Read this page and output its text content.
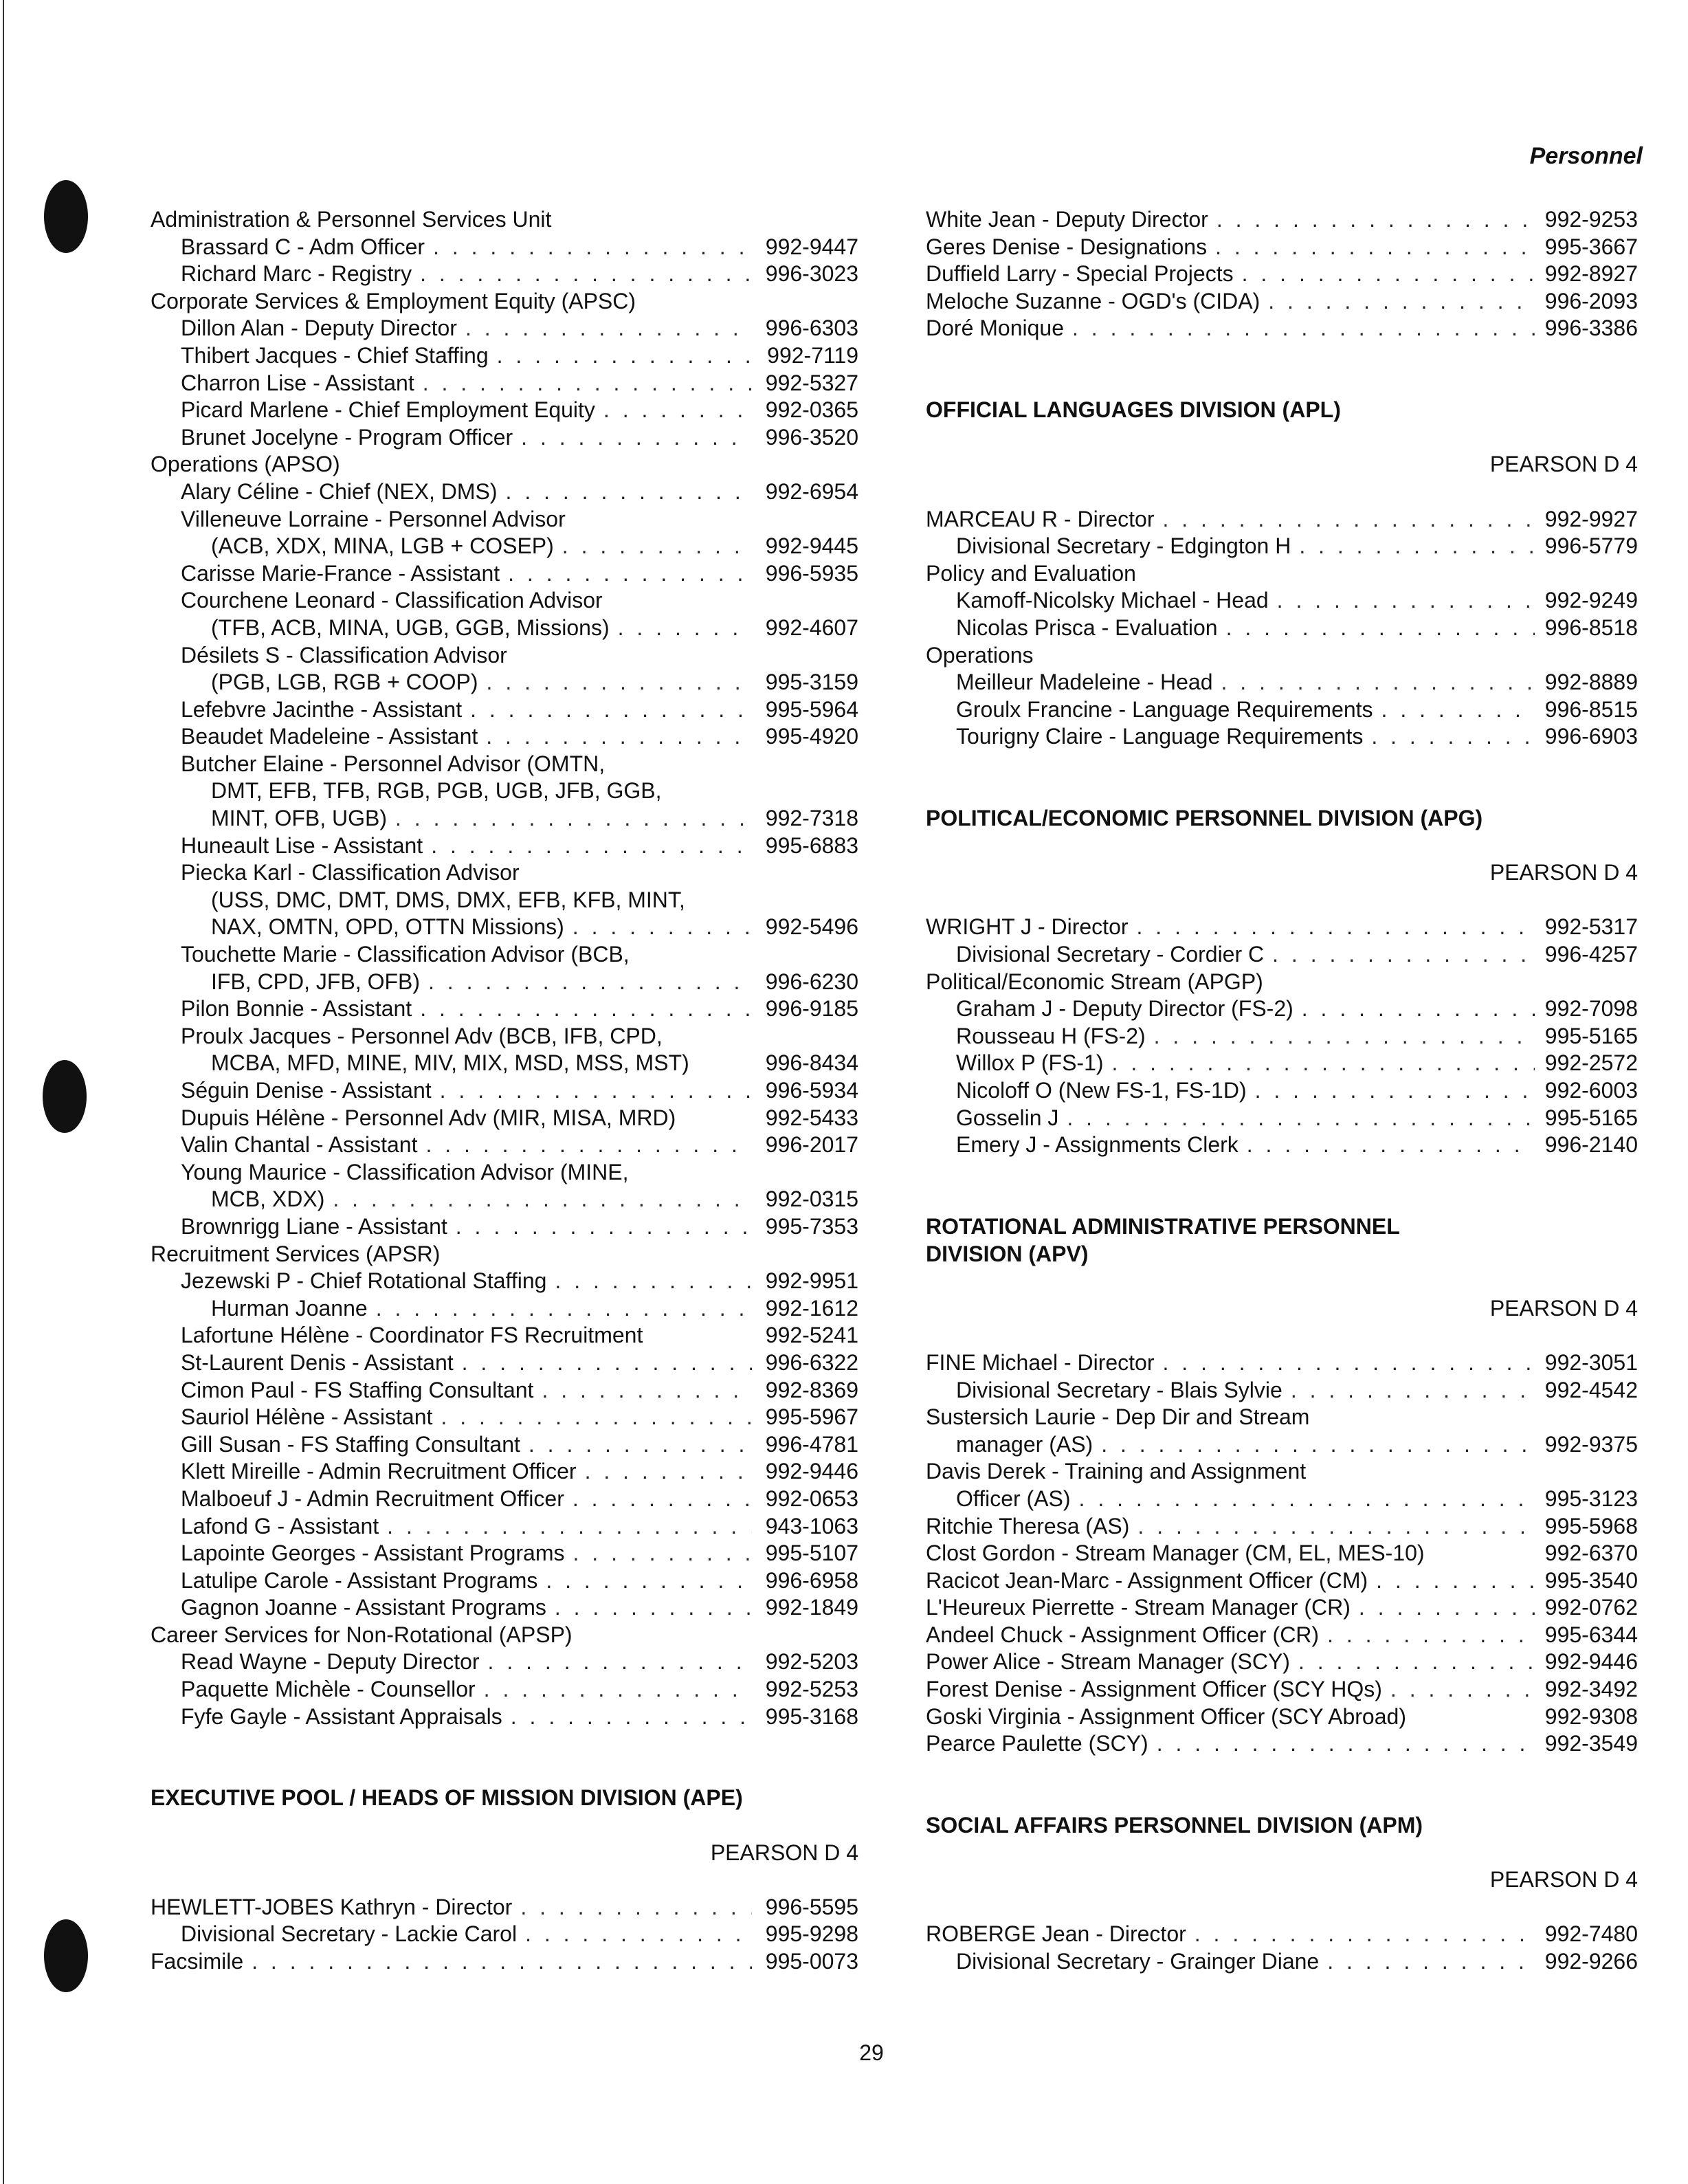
Personnel
Administration & Personnel Services Unit
Brassard C - Adm Officer . . .	992-9447
Richard Marc - Registry . . .	996-3023
Corporate Services & Employment Equity (APSC)
Dillon Alan - Deputy Director . . .	996-6303
Thibert Jacques - Chief Staffing . . .	992-7119
Charron Lise - Assistant . . .	992-5327
Picard Marlene - Chief Employment Equity . . .	992-0365
Brunet Jocelyne - Program Officer . . .	996-3520
Operations (APSO)
Alary Céline - Chief (NEX, DMS) . . .	992-6954
Villeneuve Lorraine - Personnel Advisor
(ACB, XDX, MINA, LGB + COSEP) . . .	992-9445
Carisse Marie-France - Assistant . . .	996-5935
Courchene Leonard - Classification Advisor
(TFB, ACB, MINA, UGB, GGB, Missions) . . .	992-4607
Désilets S - Classification Advisor
(PGB, LGB, RGB + COOP) . . .	995-3159
Lefebvre Jacinthe - Assistant . . .	995-5964
Beaudet Madeleine - Assistant . . .	995-4920
Butcher Elaine - Personnel Advisor (OMTN,
DMT, EFB, TFB, RGB, PGB, UGB, JFB, GGB,
MINT, OFB, UGB) . . .	992-7318
Huneault Lise - Assistant . . .	995-6883
Piecka Karl - Classification Advisor
(USS, DMC, DMT, DMS, DMX, EFB, KFB, MINT,
NAX, OMTN, OPD, OTTN Missions) . . .	992-5496
Touchette Marie - Classification Advisor (BCB,
IFB, CPD, JFB, OFB) . . .	996-6230
Pilon Bonnie - Assistant . . .	996-9185
Proulx Jacques - Personnel Adv (BCB, IFB, CPD,
MCBA, MFD, MINE, MIV, MIX, MSD, MSS, MST)	996-8434
Séguin Denise - Assistant . . .	996-5934
Dupuis Hélène - Personnel Adv (MIR, MISA, MRD)	992-5433
Valin Chantal - Assistant . . .	996-2017
Young Maurice - Classification Advisor (MINE,
MCB, XDX) . . .	992-0315
Brownrigg Liane - Assistant . . .	995-7353
Recruitment Services (APSR)
Jezewski P - Chief Rotational Staffing . . .	992-9951
Hurman Joanne . . .	992-1612
Lafortune Hélène - Coordinator FS Recruitment	992-5241
St-Laurent Denis - Assistant . . .	996-6322
Cimon Paul - FS Staffing Consultant . . .	992-8369
Sauriol Hélène - Assistant . . .	995-5967
Gill Susan - FS Staffing Consultant . . .	996-4781
Klett Mireille - Admin Recruitment Officer . . .	992-9446
Malboeuf J - Admin Recruitment Officer . . .	992-0653
Lafond G - Assistant . . .	943-1063
Lapointe Georges - Assistant Programs . . .	995-5107
Latulipe Carole - Assistant Programs . . .	996-6958
Gagnon Joanne - Assistant Programs . . .	992-1849
Career Services for Non-Rotational (APSP)
Read Wayne - Deputy Director . . .	992-5203
Paquette Michèle - Counsellor . . .	992-5253
Fyfe Gayle - Assistant Appraisals . . .	995-3168
EXECUTIVE POOL / HEADS OF MISSION DIVISION (APE)
PEARSON D 4
HEWLETT-JOBES Kathryn - Director . . .	996-5595
Divisional Secretary - Lackie Carol . . .	995-9298
Facsimile . . .	995-0073
White Jean - Deputy Director . . .	992-9253
Geres Denise - Designations . . .	995-3667
Duffield Larry - Special Projects . . .	992-8927
Meloche Suzanne - OGD's (CIDA) . . .	996-2093
Doré Monique . . .	996-3386
OFFICIAL LANGUAGES DIVISION (APL)
PEARSON D 4
MARCEAU R - Director . . .	992-9927
Divisional Secretary - Edgington H . . .	996-5779
Policy and Evaluation
Kamoff-Nicolsky Michael - Head . . .	992-9249
Nicolas Prisca - Evaluation . . .	996-8518
Operations
Meilleur Madeleine - Head . . .	992-8889
Groulx Francine - Language Requirements . . .	996-8515
Tourigny Claire - Language Requirements . . .	996-6903
POLITICAL/ECONOMIC PERSONNEL DIVISION (APG)
PEARSON D 4
WRIGHT J - Director . . .	992-5317
Divisional Secretary - Cordier C . . .	996-4257
Political/Economic Stream (APGP)
Graham J - Deputy Director (FS-2) . . .	992-7098
Rousseau H (FS-2) . . .	995-5165
Willox P (FS-1) . . .	992-2572
Nicoloff O (New FS-1, FS-1D) . . .	992-6003
Gosselin J . . .	995-5165
Emery J - Assignments Clerk . . .	996-2140
ROTATIONAL ADMINISTRATIVE PERSONNEL
DIVISION (APV)
PEARSON D 4
FINE Michael - Director . . .	992-3051
Divisional Secretary - Blais Sylvie . . .	992-4542
Sustersich Laurie - Dep Dir and Stream
manager (AS) . . .	992-9375
Davis Derek - Training and Assignment
Officer (AS) . . .	995-3123
Ritchie Theresa (AS) . . .	995-5968
Clost Gordon - Stream Manager (CM, EL, MES-10)	992-6370
Racicot Jean-Marc - Assignment Officer (CM) . . .	995-3540
L'Heureux Pierrette - Stream Manager (CR) . . .	992-0762
Andeel Chuck - Assignment Officer (CR) . . .	995-6344
Power Alice - Stream Manager (SCY) . . .	992-9446
Forest Denise - Assignment Officer (SCY HQs) . . .	992-3492
Goski Virginia - Assignment Officer (SCY Abroad)	992-9308
Pearce Paulette (SCY) . . .	992-3549
SOCIAL AFFAIRS PERSONNEL DIVISION (APM)
PEARSON D 4
ROBERGE Jean - Director . . .	992-7480
Divisional Secretary - Grainger Diane . . .	992-9266
29
